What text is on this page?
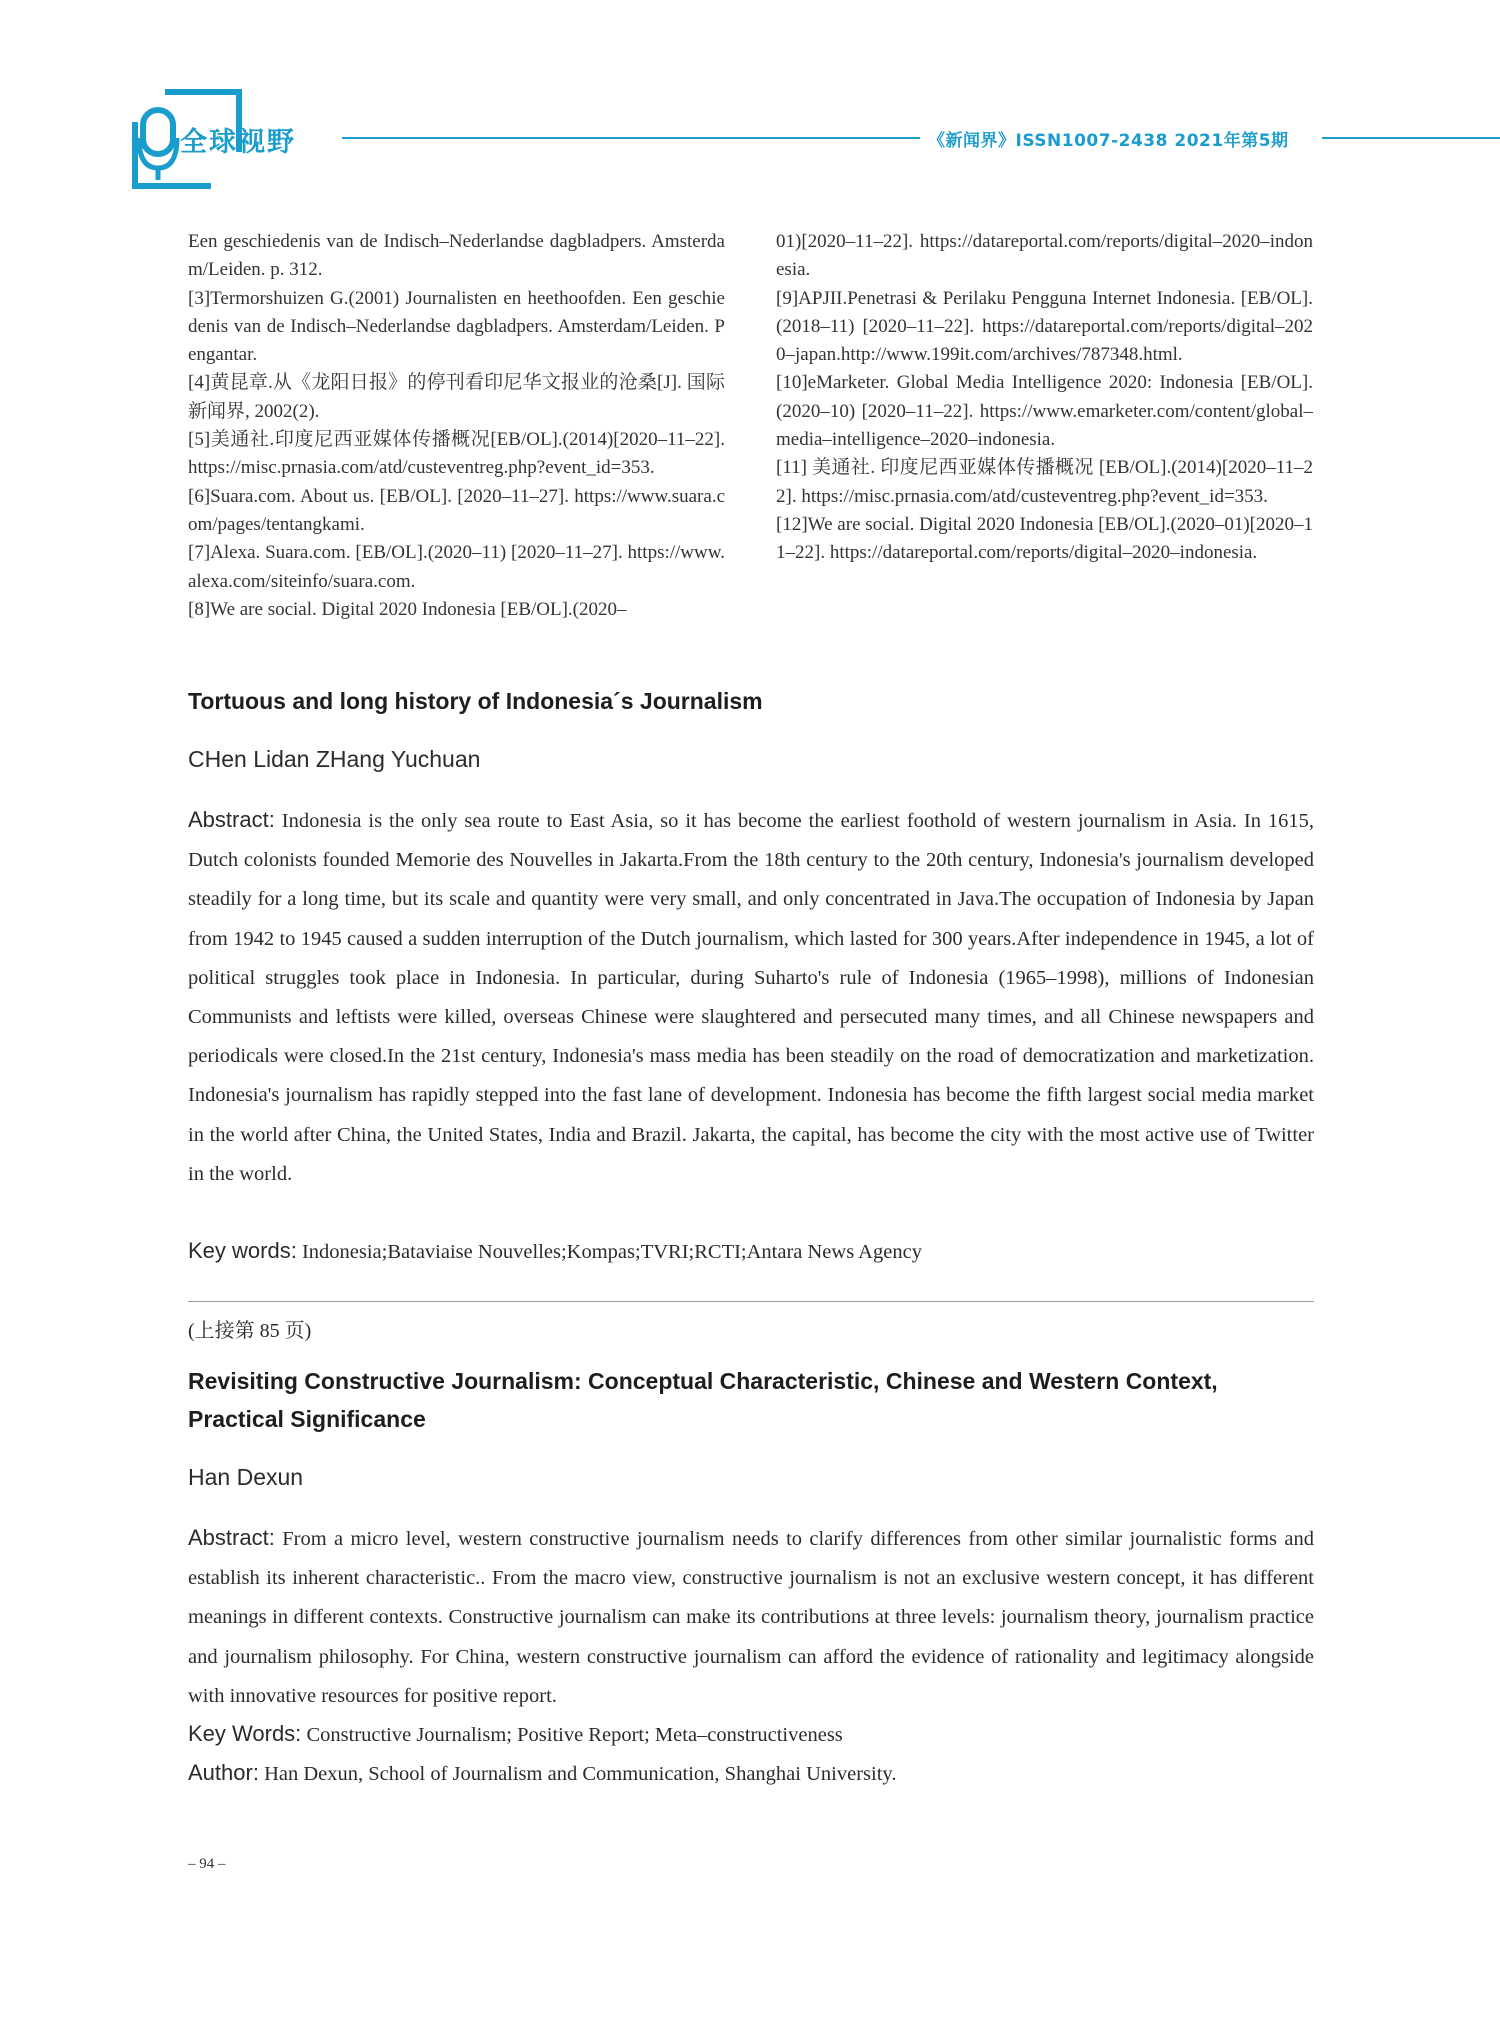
全球视野	《新闻界》ISSN1007-2438 2021年第5期

Een geschiedenis van de Indisch–Nederlandse dagbladpers. Amsterdam/Leiden. p. 312.

[3]Termorshuizen G.(2001) Journalisten en heethoofden. Een geschiedenis van de Indisch–Nederlandse dagbladpers. Amsterdam/Leiden. Pengantar.

[4]黄昆章.从《龙阳日报》的停刊看印尼华文报业的沧桑[J]. 国际新闻界, 2002(2).

[5]美通社.印度尼西亚媒体传播概况[EB/OL].(2014)[2020–11–22]. https://misc.prnasia.com/atd/custeventreg.php?event_id=353.

[6]Suara.com. About us. [EB/OL]. [2020–11–27]. https://www.suara.com/pages/tentangkami.

[7]Alexa. Suara.com. [EB/OL].(2020–11) [2020–11–27]. https://www.alexa.com/siteinfo/suara.com.

[8]We are social. Digital 2020 Indonesia [EB/OL].(2020–

01)[2020–11–22]. https://datareportal.com/reports/digital–2020–indonesia.

[9]APJII.Penetrasi & Perilaku Pengguna Internet Indonesia. [EB/OL]. (2018–11) [2020–11–22]. https://datareportal.com/reports/digital–2020–japan.http://www.199it.com/archives/787348.html.

[10]eMarketer. Global Media Intelligence 2020: Indonesia [EB/OL].(2020–10) [2020–11–22]. https://www.emarketer.com/content/global–media–intelligence–2020–indonesia.

[11] 美通社. 印度尼西亚媒体传播概况 [EB/OL].(2014)[2020–11–22]. https://misc.prnasia.com/atd/custeventreg.php?event_id=353.

[12]We are social. Digital 2020 Indonesia [EB/OL].(2020–01)[2020–11–22]. https://datareportal.com/reports/digital–2020–indonesia.

Tortuous and long history of Indonesia´s Journalism
CHen Lidan ZHang Yuchuan
Abstract: Indonesia is the only sea route to East Asia, so it has become the earliest foothold of western journalism in Asia. In 1615, Dutch colonists founded Memorie des Nouvelles in Jakarta.From the 18th century to the 20th century, Indonesia's journalism developed steadily for a long time, but its scale and quantity were very small, and only concentrated in Java.The occupation of Indonesia by Japan from 1942 to 1945 caused a sudden interruption of the Dutch journalism, which lasted for 300 years.After independence in 1945, a lot of political struggles took place in Indonesia. In particular, during Suharto's rule of Indonesia (1965–1998), millions of Indonesian Communists and leftists were killed, overseas Chinese were slaughtered and persecuted many times, and all Chinese newspapers and periodicals were closed.In the 21st century, Indonesia's mass media has been steadily on the road of democratization and marketization. Indonesia's journalism has rapidly stepped into the fast lane of development. Indonesia has become the fifth largest social media market in the world after China, the United States, India and Brazil. Jakarta, the capital, has become the city with the most active use of Twitter in the world.
Key words: Indonesia;Bataviaise Nouvelles;Kompas;TVRI;RCTI;Antara News Agency
(上接第 85 页)
Revisiting Constructive Journalism: Conceptual Characteristic, Chinese and Western Context, Practical Significance
Han Dexun
Abstract: From a micro level, western constructive journalism needs to clarify differences from other similar journalistic forms and establish its inherent characteristic.. From the macro view, constructive journalism is not an exclusive western concept, it has different meanings in different contexts. Constructive journalism can make its contributions at three levels: journalism theory, journalism practice and journalism philosophy. For China, western constructive journalism can afford the evidence of rationality and legitimacy alongside with innovative resources for positive report.
Key Words: Constructive Journalism; Positive Report; Meta–constructiveness
Author: Han Dexun, School of Journalism and Communication, Shanghai University.
– 94 –
